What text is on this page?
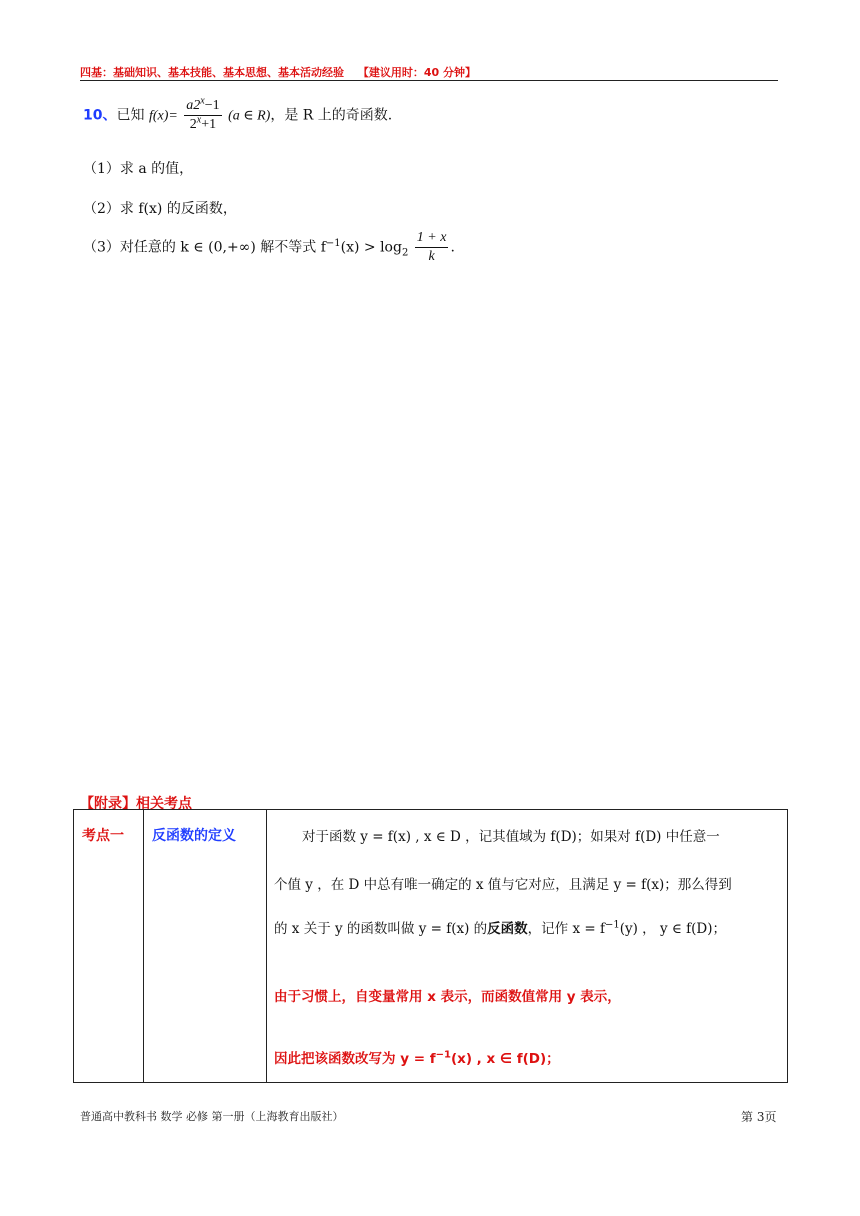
四基：基础知识、基本技能、基本思想、基本活动经验 【建议用时：40 分钟】
10、已知 $f(x)= \frac{a2^x-1}{2^x+1} (a$ ∈ R)，是 R 上的奇函数.
（1）求 a 的值，
（2）求 f(x) 的反函数，
（3）对任意的 k ∈ (0,+∞) 解不等式 $f^{-1}(x) > \log_2 \frac{1 + x}{k}$ .
【附录】相关考点
考点一 反函数的定义	对于函数 y = f(x) , x ∈ D ，记其值域为 f(D)；如果对 f(D) 中任意一
个值 y ，在 D 中总有唯一确定的 x 值与它对应，且满足 y = f(x)；那么得到
的 x 关于 y 的函数叫做 y = f(x) 的反函数，记作 $x = f^{-1}(y)$ ， y ∈ f(D)；
由于习惯上，自变量常用 x 表示，而函数值常用 y 表示，
因此把该函数改写为 $y = f^{-1}(x)$ , x ∈ f(D)；
普通高中教科书 数学 必修 第一册（上海教育出版社）	第 3页
